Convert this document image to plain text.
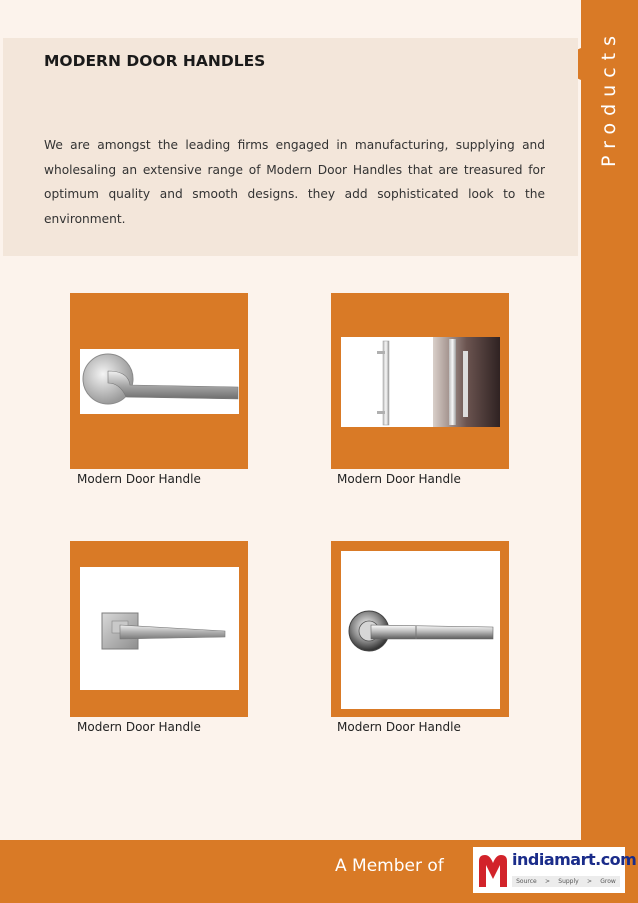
Products
MODERN DOOR HANDLES

We are amongst the leading firms engaged in manufacturing, supplying and wholesaling an extensive range of Modern Door Handles that are treasured for optimum quality and smooth designs. they add sophisticated look to the environment.

Modern Door Handle	Modern Door Handle
Modern Door Handle	Modern Door Handle
A Member of	indiamart.com
Source > Supply > Grow
